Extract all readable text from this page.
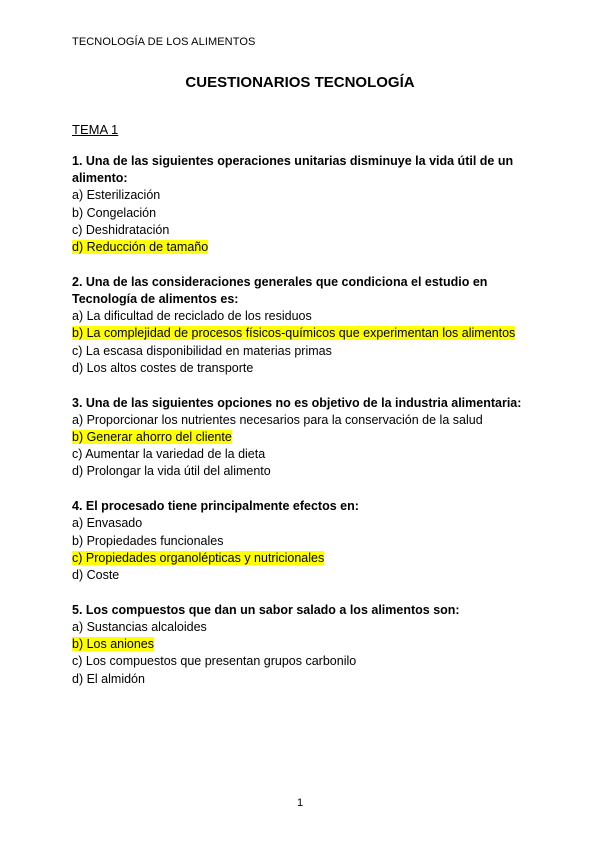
TECNOLOGÍA DE LOS ALIMENTOS
CUESTIONARIOS TECNOLOGÍA
TEMA 1
1. Una de las siguientes operaciones unitarias disminuye la vida útil de un alimento:
a) Esterilización
b) Congelación
c) Deshidratación
d) Reducción de tamaño
2. Una de las consideraciones generales que condiciona el estudio en Tecnología de alimentos es:
a) La dificultad de reciclado de los residuos
b) La complejidad de procesos físicos-químicos que experimentan los alimentos
c) La escasa disponibilidad en materias primas
d) Los altos costes de transporte
3. Una de las siguientes opciones no es objetivo de la industria alimentaria:
a) Proporcionar los nutrientes necesarios para la conservación de la salud
b) Generar ahorro del cliente
c) Aumentar la variedad de la dieta
d) Prolongar la vida útil del alimento
4. El procesado tiene principalmente efectos en:
a) Envasado
b) Propiedades funcionales
c) Propiedades organolépticas y nutricionales
d) Coste
5. Los compuestos que dan un sabor salado a los alimentos son:
a) Sustancias alcaloides
b) Los aniones
c) Los compuestos que presentan grupos carbonilo
d) El almidón
1
